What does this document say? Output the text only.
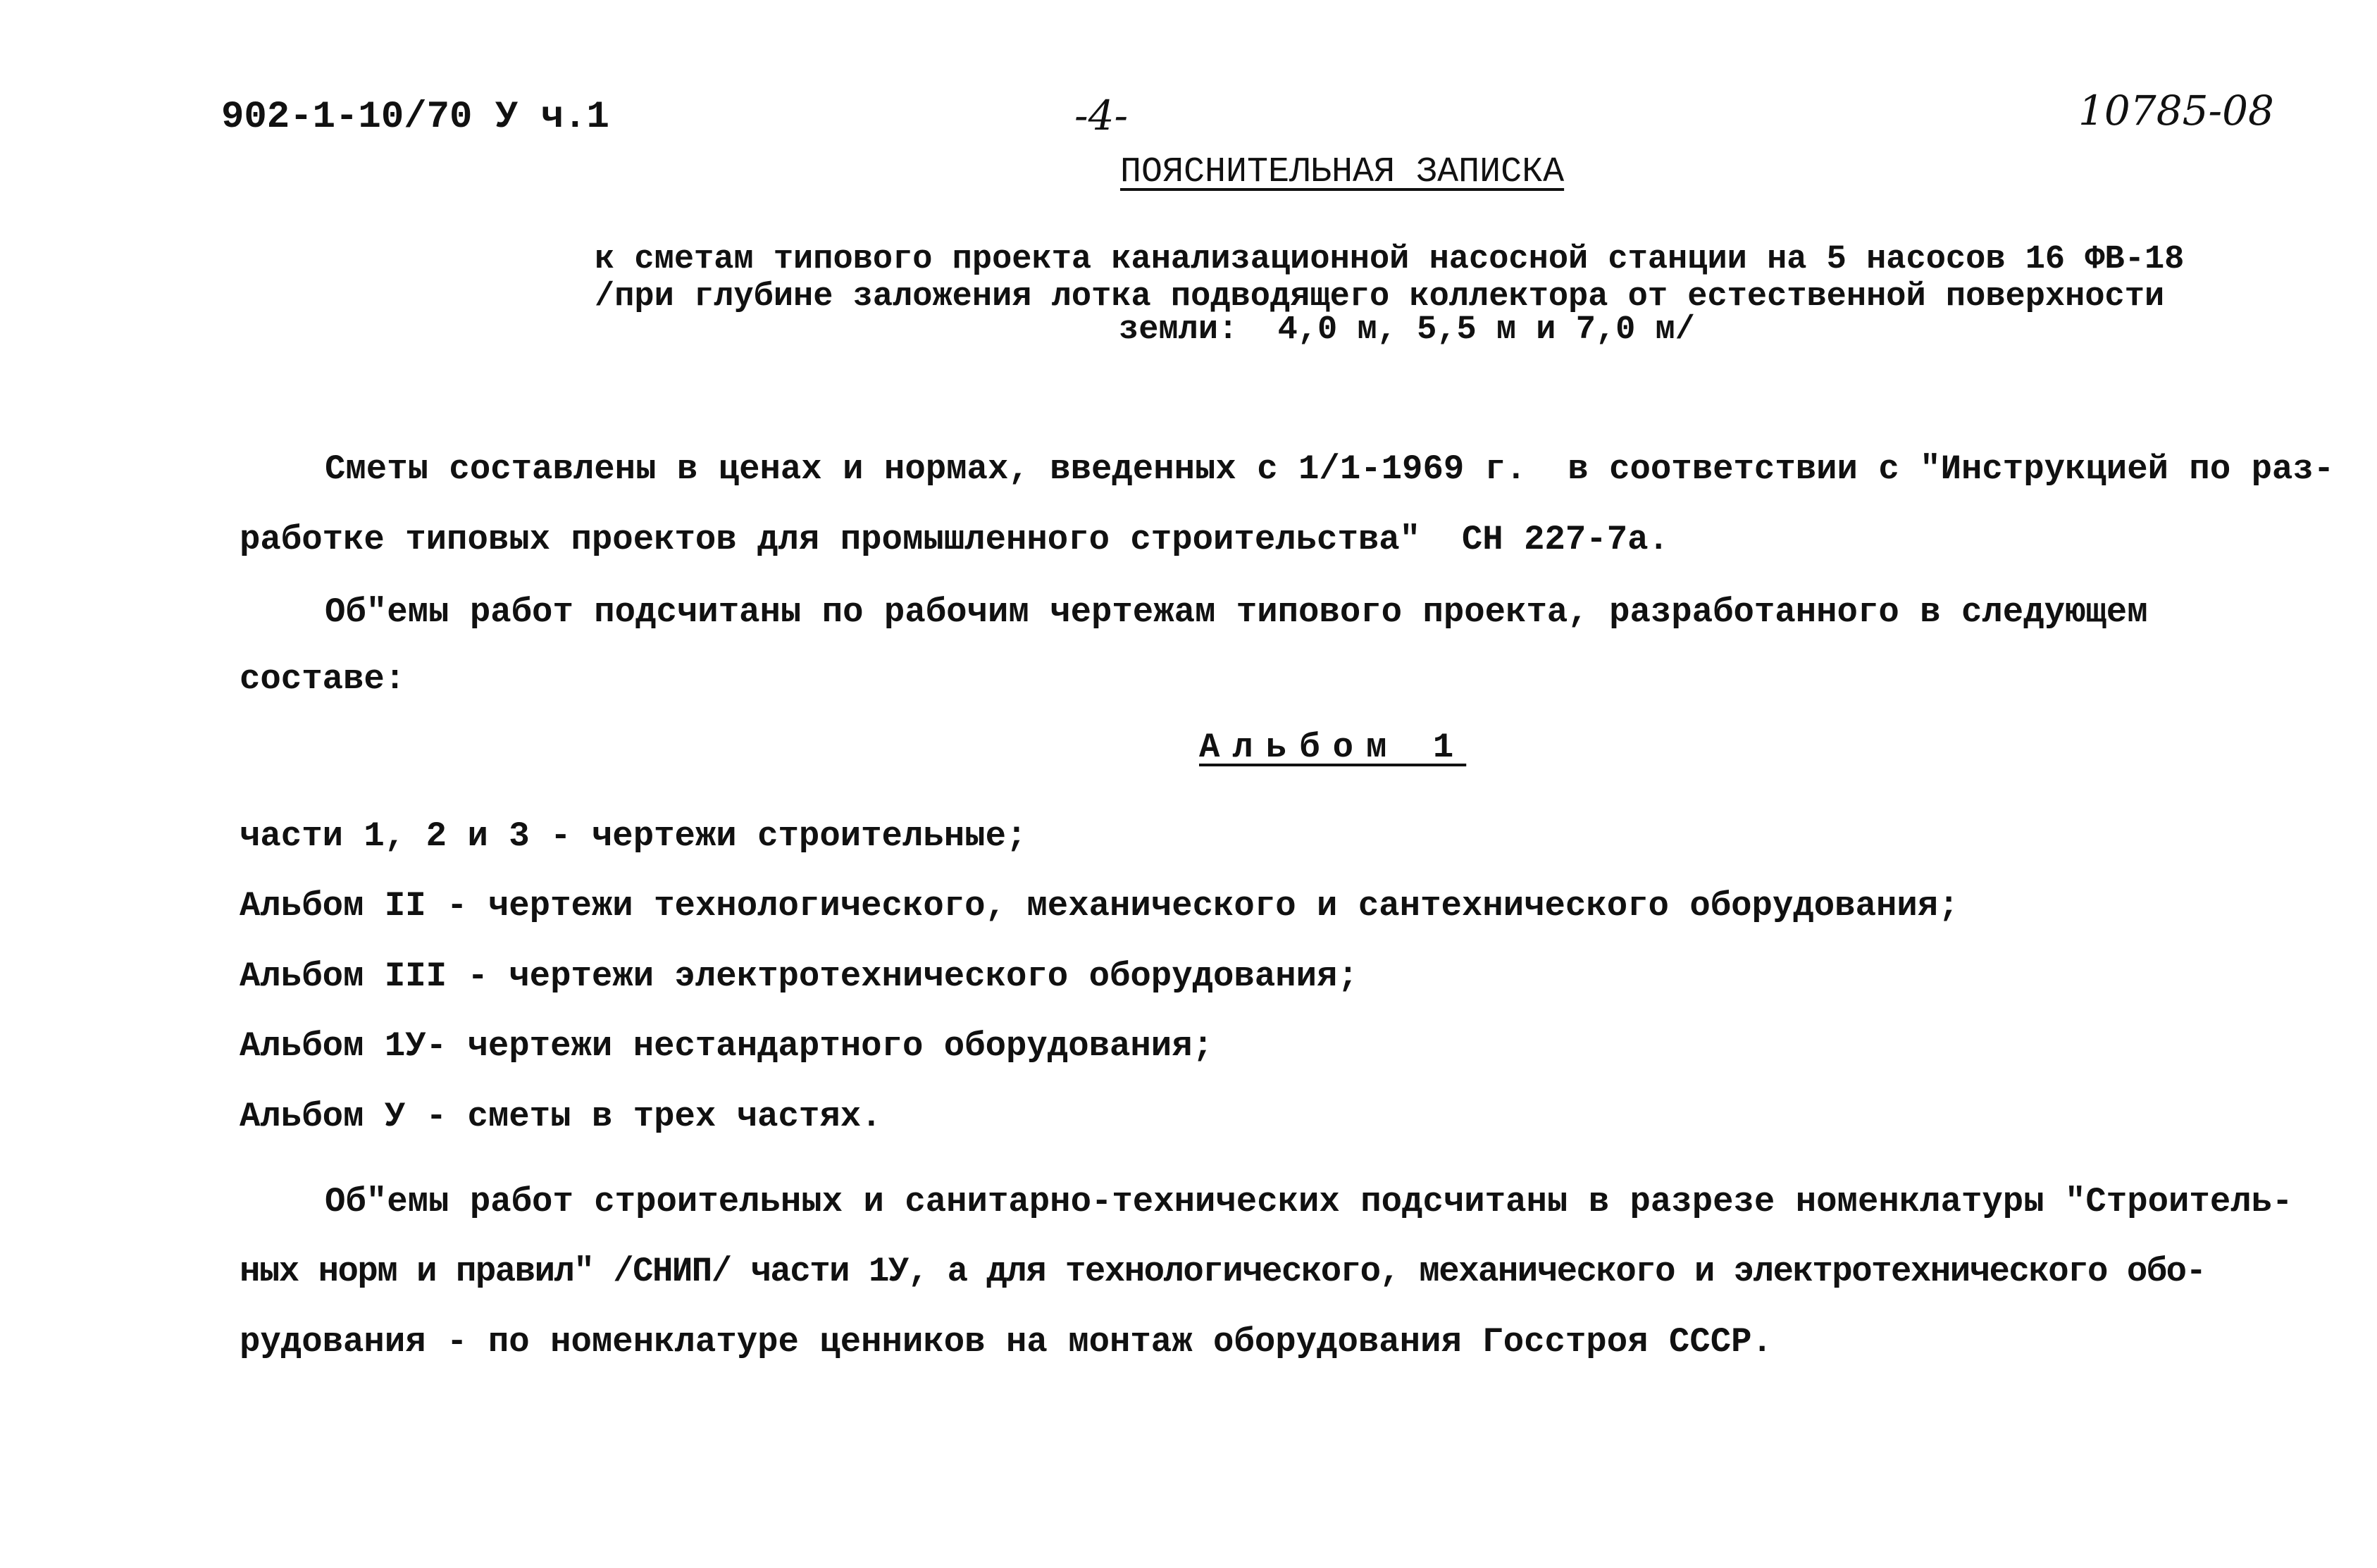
902-1-10/70 У ч.1	-4-	10785-08
ПОЯСНИТЕЛЬНАЯ ЗАПИСКА
к сметам типового проекта канализационной насосной станции на 5 насосов 16 ФВ-18
/при глубине заложения лотка подводящего коллектора от естественной поверхности
земли:  4,0 м, 5,5 м и 7,0 м/
Сметы составлены в ценах и нормах, введенных с 1/1-1969 г.  в соответствии с "Инструкцией по раз-
работке типовых проектов для промышленного строительства"  СН 227-7а.
Об"емы работ подсчитаны по рабочим чертежам типового проекта, разработанного в следующем
составе:
Альбом 1
части 1, 2 и 3 - чертежи строительные;
Альбом II - чертежи технологического, механического и сантехнического оборудования;
Альбом III - чертежи электротехнического оборудования;
Альбом 1У- чертежи нестандартного оборудования;
Альбом У - сметы в трех частях.
Об"емы работ строительных и санитарно-технических подсчитаны в разрезе номенклатуры "Строитель-
ных норм и правил" /СНИП/ части 1У, а для технологического, механического и электротехнического обо-
рудования - по номенклатуре ценников на монтаж оборудования Госстроя СССР.
